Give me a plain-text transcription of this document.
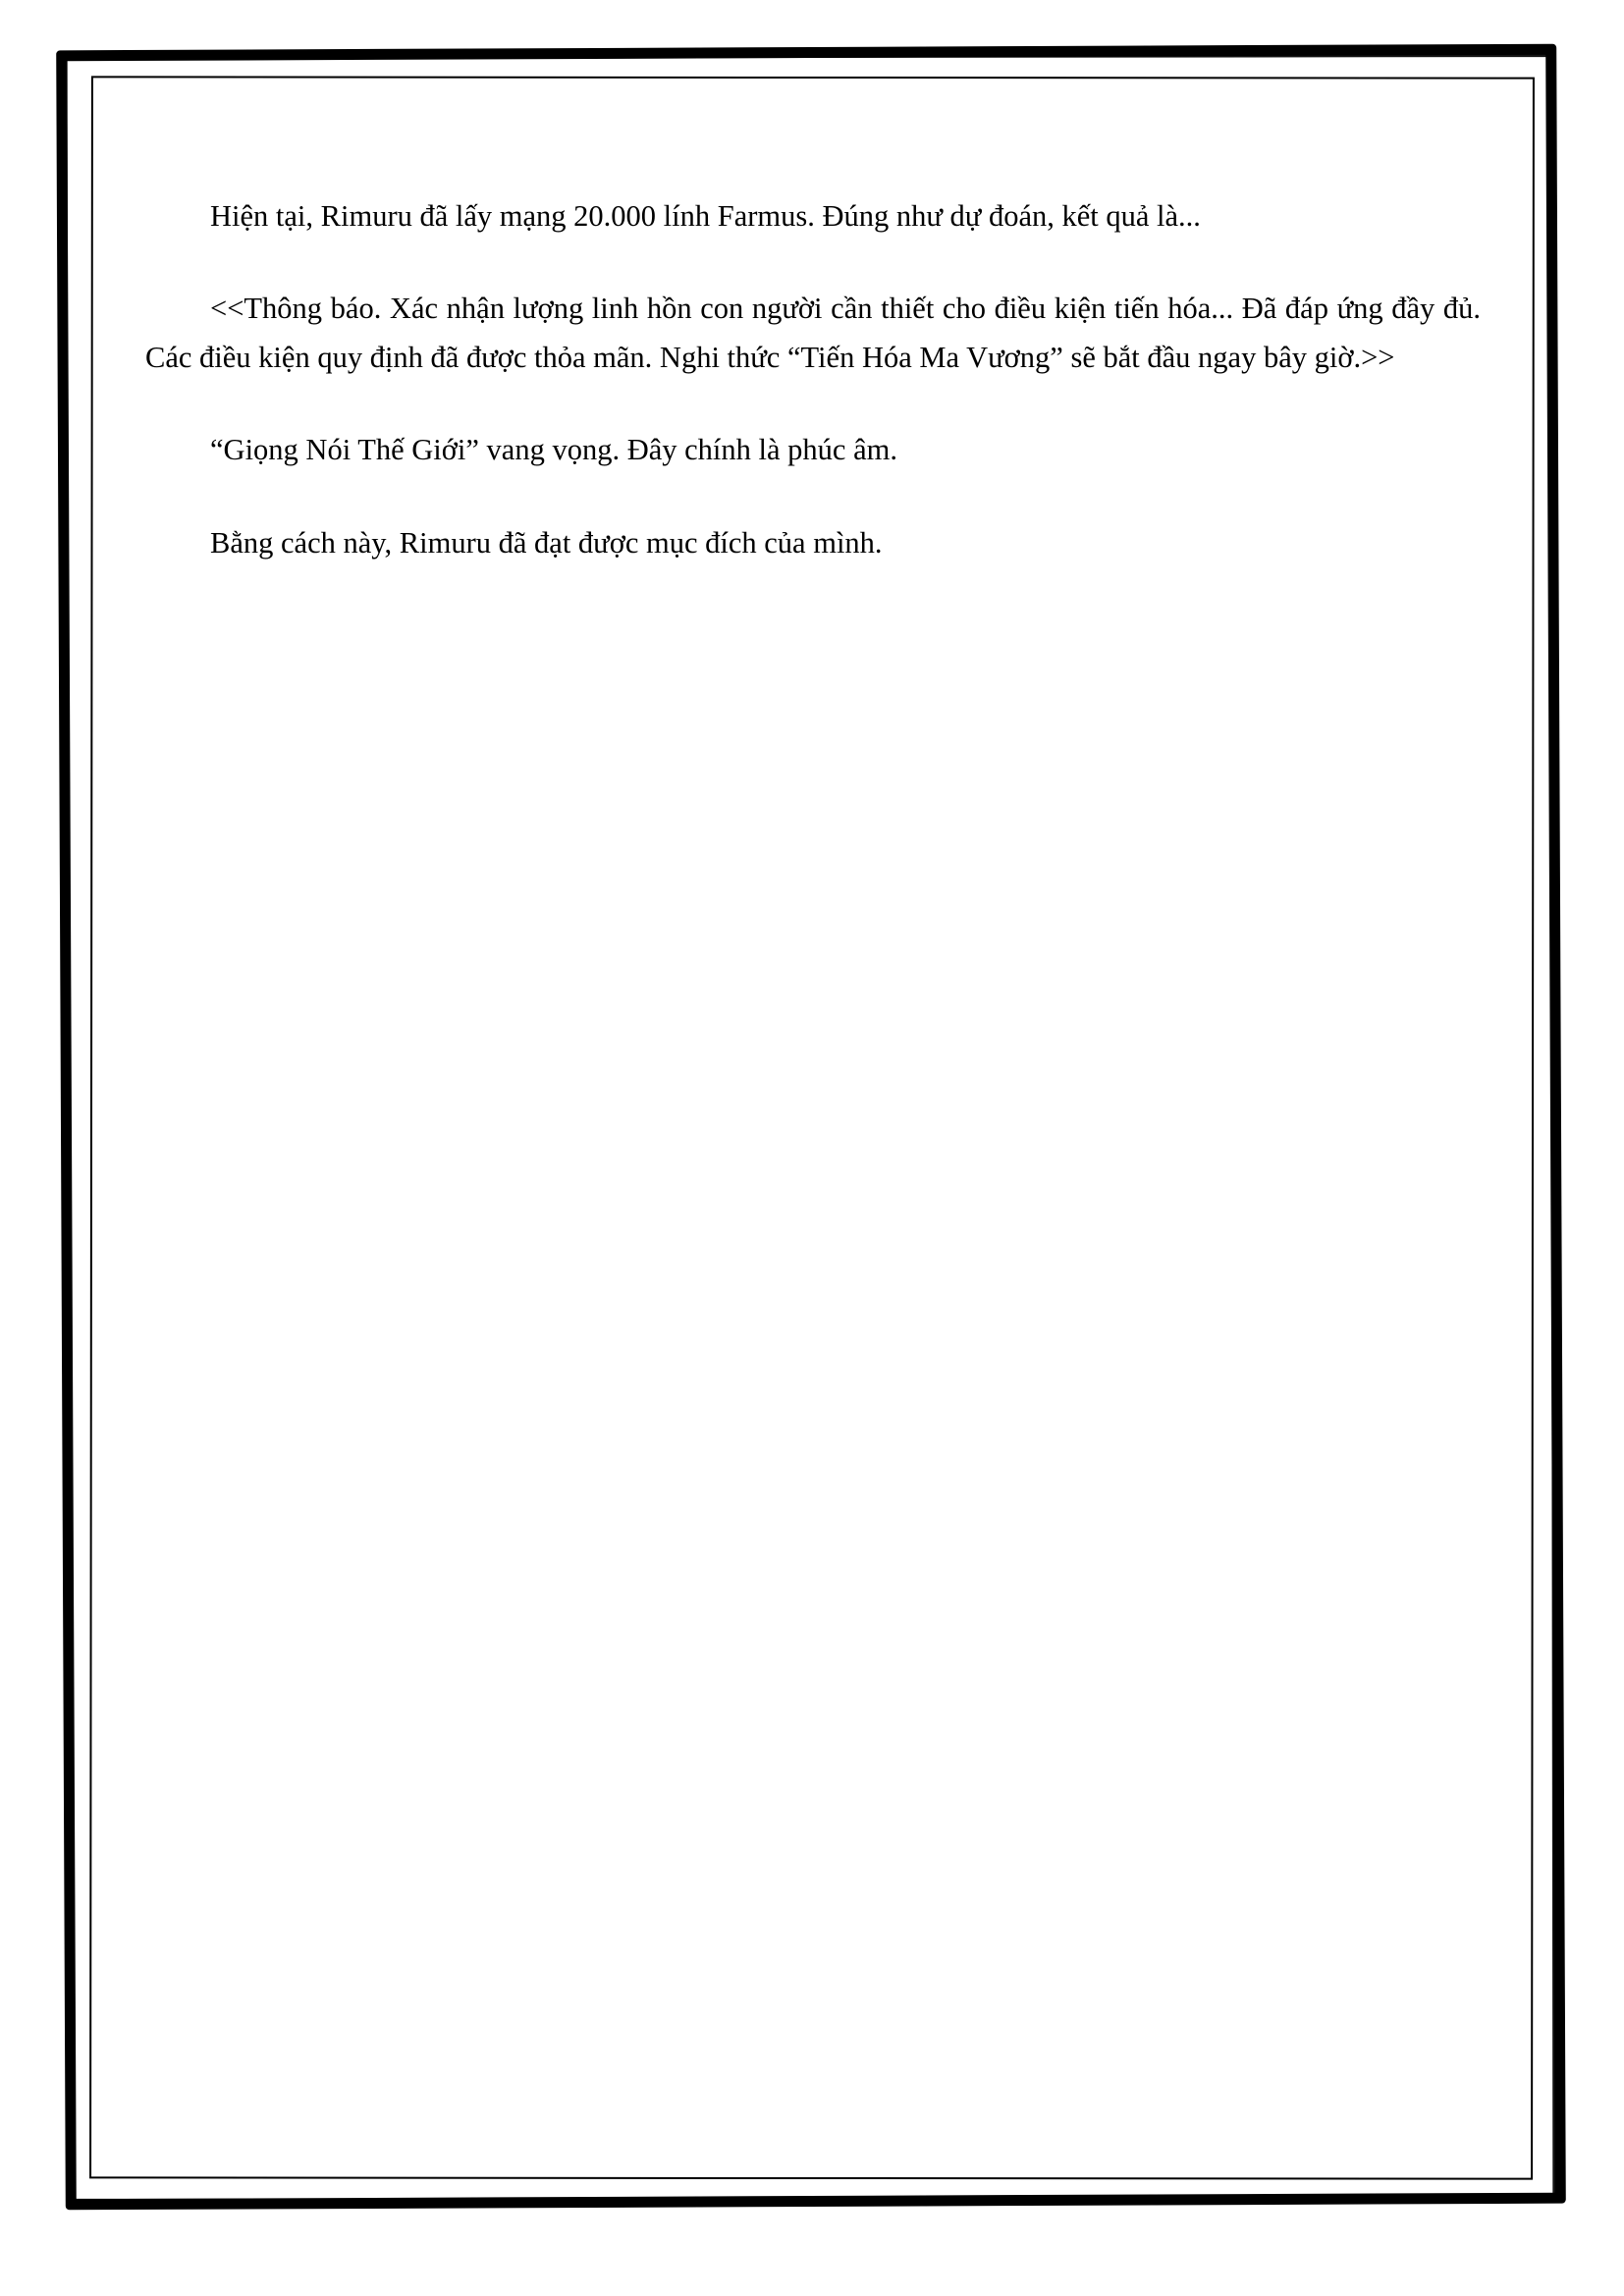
Hiện tại, Rimuru đã lấy mạng 20.000 lính Farmus. Đúng như dự đoán, kết quả là...

<<Thông báo. Xác nhận lượng linh hồn con người cần thiết cho điều kiện tiến hóa... Đã đáp ứng đầy đủ. Các điều kiện quy định đã được thỏa mãn. Nghi thức “Tiến Hóa Ma Vương” sẽ bắt đầu ngay bây giờ.>>

“Giọng Nói Thế Giới” vang vọng. Đây chính là phúc âm.

Bằng cách này, Rimuru đã đạt được mục đích của mình.
